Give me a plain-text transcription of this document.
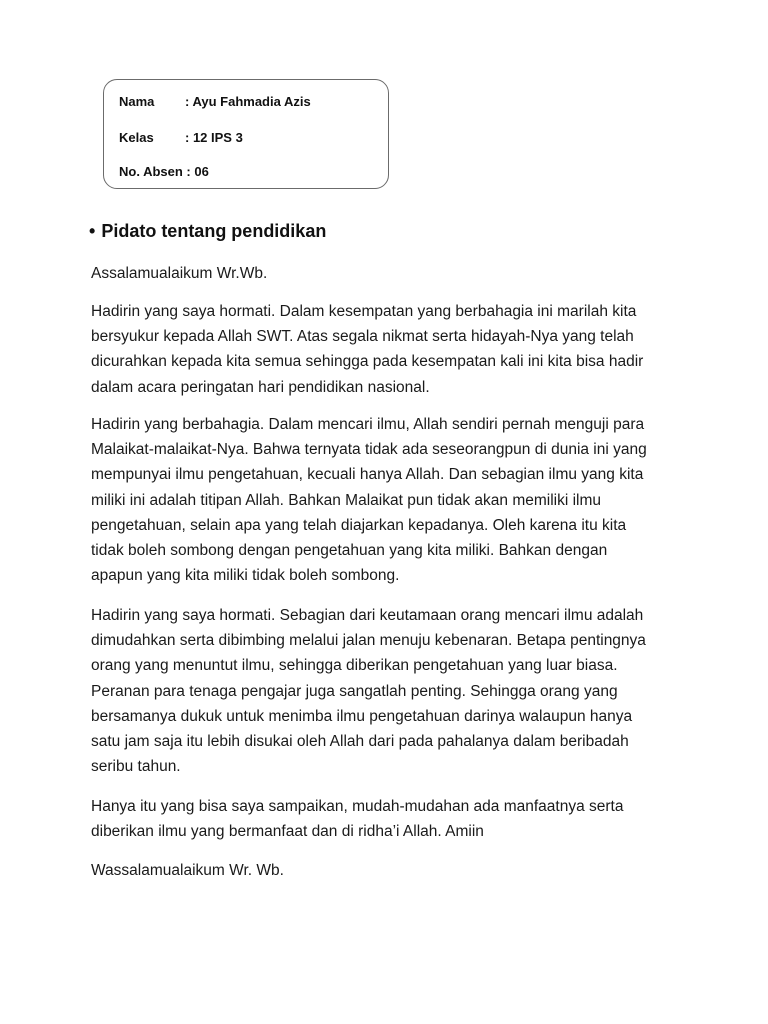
Nama : Ayu Fahmadia Azis
Kelas : 12 IPS 3
No. Absen : 06
• Pidato tentang pendidikan
Assalamualaikum Wr.Wb.
Hadirin yang saya hormati. Dalam kesempatan yang berbahagia ini marilah kita
bersyukur kepada Allah SWT. Atas segala nikmat serta hidayah-Nya yang telah
dicurahkan kepada kita semua sehingga pada kesempatan kali ini kita bisa hadir
dalam acara peringatan hari pendidikan nasional.
Hadirin yang berbahagia. Dalam mencari ilmu, Allah sendiri pernah menguji para
Malaikat-malaikat-Nya. Bahwa ternyata tidak ada seseorangpun di dunia ini yang
mempunyai ilmu pengetahuan, kecuali hanya Allah. Dan sebagian ilmu yang kita
miliki ini adalah titipan Allah. Bahkan Malaikat pun tidak akan memiliki ilmu
pengetahuan, selain apa yang telah diajarkan kepadanya. Oleh karena itu kita
tidak boleh sombong dengan pengetahuan yang kita miliki. Bahkan dengan
apapun yang kita miliki tidak boleh sombong.
Hadirin yang saya hormati. Sebagian dari keutamaan orang mencari ilmu adalah
dimudahkan serta dibimbing melalui jalan menuju kebenaran. Betapa pentingnya
orang yang menuntut ilmu, sehingga diberikan pengetahuan yang luar biasa.
Peranan para tenaga pengajar juga sangatlah penting. Sehingga orang yang
bersamanya dukuk untuk menimba ilmu pengetahuan darinya walaupun hanya
satu jam saja itu lebih disukai oleh Allah dari pada pahalanya dalam beribadah
seribu tahun.
Hanya itu yang bisa saya sampaikan, mudah-mudahan ada manfaatnya serta
diberikan ilmu yang bermanfaat dan di ridha’i Allah. Amiin
Wassalamualaikum Wr. Wb.
